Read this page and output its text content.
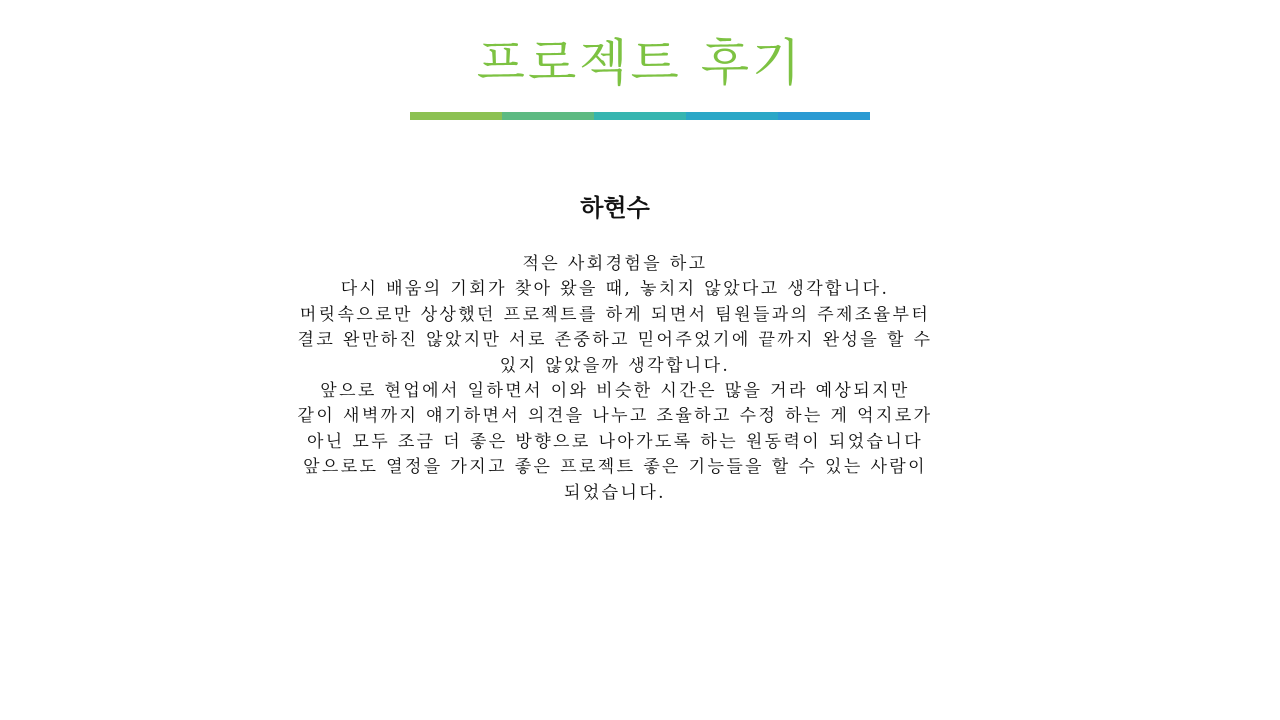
프로젝트 후기
하현수
적은 사회경험을 하고
다시 배움의 기회가 찾아 왔을 때, 놓치지 않았다고 생각합니다.
머릿속으로만 상상했던 프로젝트를 하게 되면서 팀원들과의 주제조율부터
결코 완만하진 않았지만 서로 존중하고 믿어주었기에 끝까지 완성을 할 수
있지 않았을까 생각합니다.
앞으로 현업에서 일하면서 이와 비슷한 시간은 많을 거라 예상되지만
같이 새벽까지 얘기하면서 의견을 나누고 조율하고 수정 하는 게 억지로가
아닌 모두 조금 더 좋은 방향으로 나아가도록 하는 원동력이 되었습니다
앞으로도 열정을 가지고 좋은 프로젝트 좋은 기능들을 할 수 있는 사람이
되었습니다.
